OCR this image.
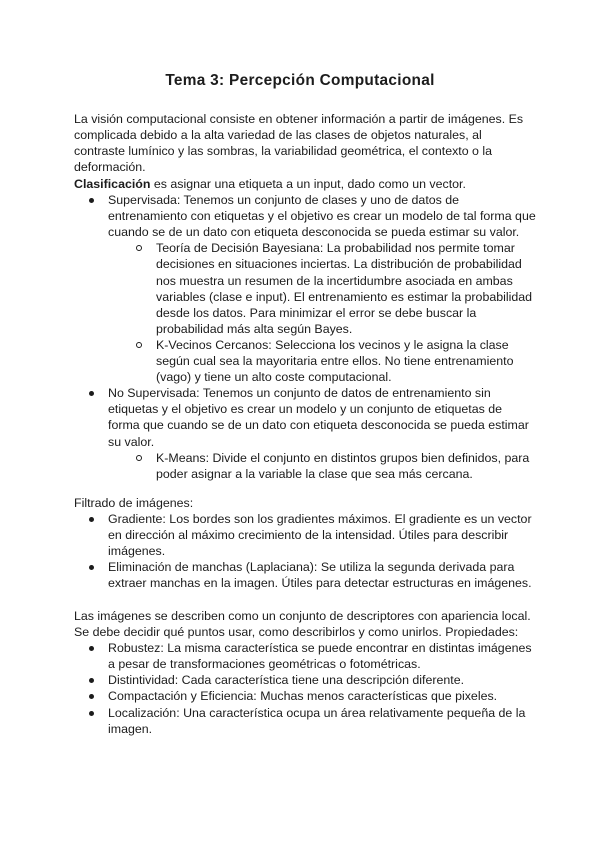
Tema 3: Percepción Computacional

La visión computacional consiste en obtener información a partir de imágenes. Es complicada debido a la alta variedad de las clases de objetos naturales, al contraste lumínico y las sombras, la variabilidad geométrica, el contexto o la deformación.

Clasificación es asignar una etiqueta a un input, dado como un vector.

Supervisada: Tenemos un conjunto de clases y uno de datos de entrenamiento con etiquetas y el objetivo es crear un modelo de tal forma que cuando se de un dato con etiqueta desconocida se pueda estimar su valor.
Teoría de Decisión Bayesiana: La probabilidad nos permite tomar decisiones en situaciones inciertas. La distribución de probabilidad nos muestra un resumen de la incertidumbre asociada en ambas variables (clase e input). El entrenamiento es estimar la probabilidad desde los datos. Para minimizar el error se debe buscar la probabilidad más alta según Bayes.
K-Vecinos Cercanos: Selecciona los vecinos y le asigna la clase según cual sea la mayoritaria entre ellos. No tiene entrenamiento (vago) y tiene un alto coste computacional.
No Supervisada: Tenemos un conjunto de datos de entrenamiento sin etiquetas y el objetivo es crear un modelo y un conjunto de etiquetas de forma que cuando se de un dato con etiqueta desconocida se pueda estimar su valor.
K-Means: Divide el conjunto en distintos grupos bien definidos, para poder asignar a la variable la clase que sea más cercana.

Filtrado de imágenes:

Gradiente: Los bordes son los gradientes máximos. El gradiente es un vector en dirección al máximo crecimiento de la intensidad. Útiles para describir imágenes.
Eliminación de manchas (Laplaciana): Se utiliza la segunda derivada para extraer manchas en la imagen. Útiles para detectar estructuras en imágenes.

Las imágenes se describen como un conjunto de descriptores con apariencia local. Se debe decidir qué puntos usar, como describirlos y como unirlos. Propiedades:

Robustez: La misma característica se puede encontrar en distintas imágenes a pesar de transformaciones geométricas o fotométricas.
Distintividad: Cada característica tiene una descripción diferente.
Compactación y Eficiencia: Muchas menos características que pixeles.
Localización: Una característica ocupa un área relativamente pequeña de la imagen.
